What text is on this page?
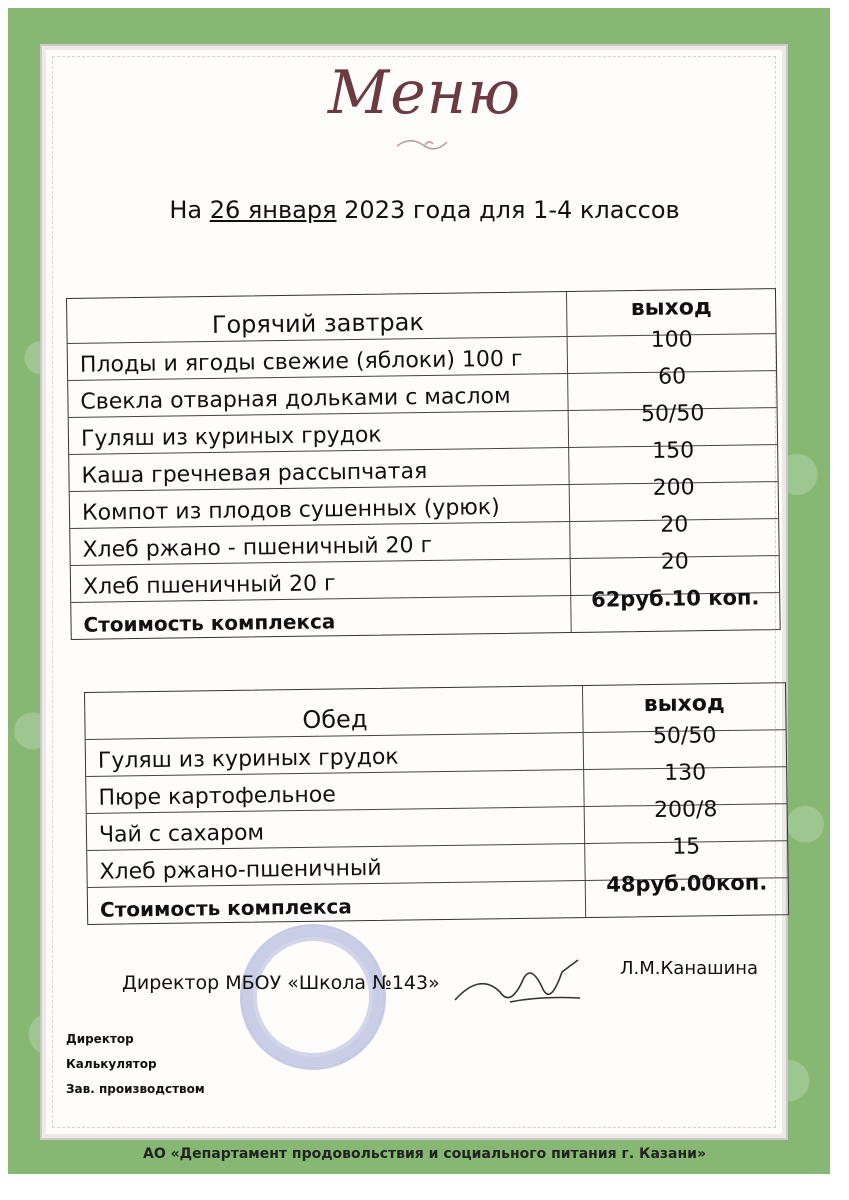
Меню
На 26 января 2023 года для 1-4 классов
Горячий завтрак	выход
Плоды и ягоды свежие (яблоки) 100 г
100
Свекла отварная дольками с маслом
60
Гуляш из куриных грудок
50/50
Каша гречневая рассыпчатая
150
Компот из плодов сушенных (урюк)
200
Хлеб ржано - пшеничный 20 г
20
Хлеб пшеничный 20 г
20
Стоимость комплекса
62руб.10 коп.
Обед
выход
Гуляш из куриных грудок
50/50
Пюре картофельное
130
Чай с сахаром
200/8
Хлеб ржано-пшеничный
15
Стоимость комплекса
48руб.00коп.
Директор МБОУ «Школа №143»
Л.М.Канашина
Директор
Калькулятор
Зав. производством
АО «Департамент продовольствия и социального питания г. Казани»
